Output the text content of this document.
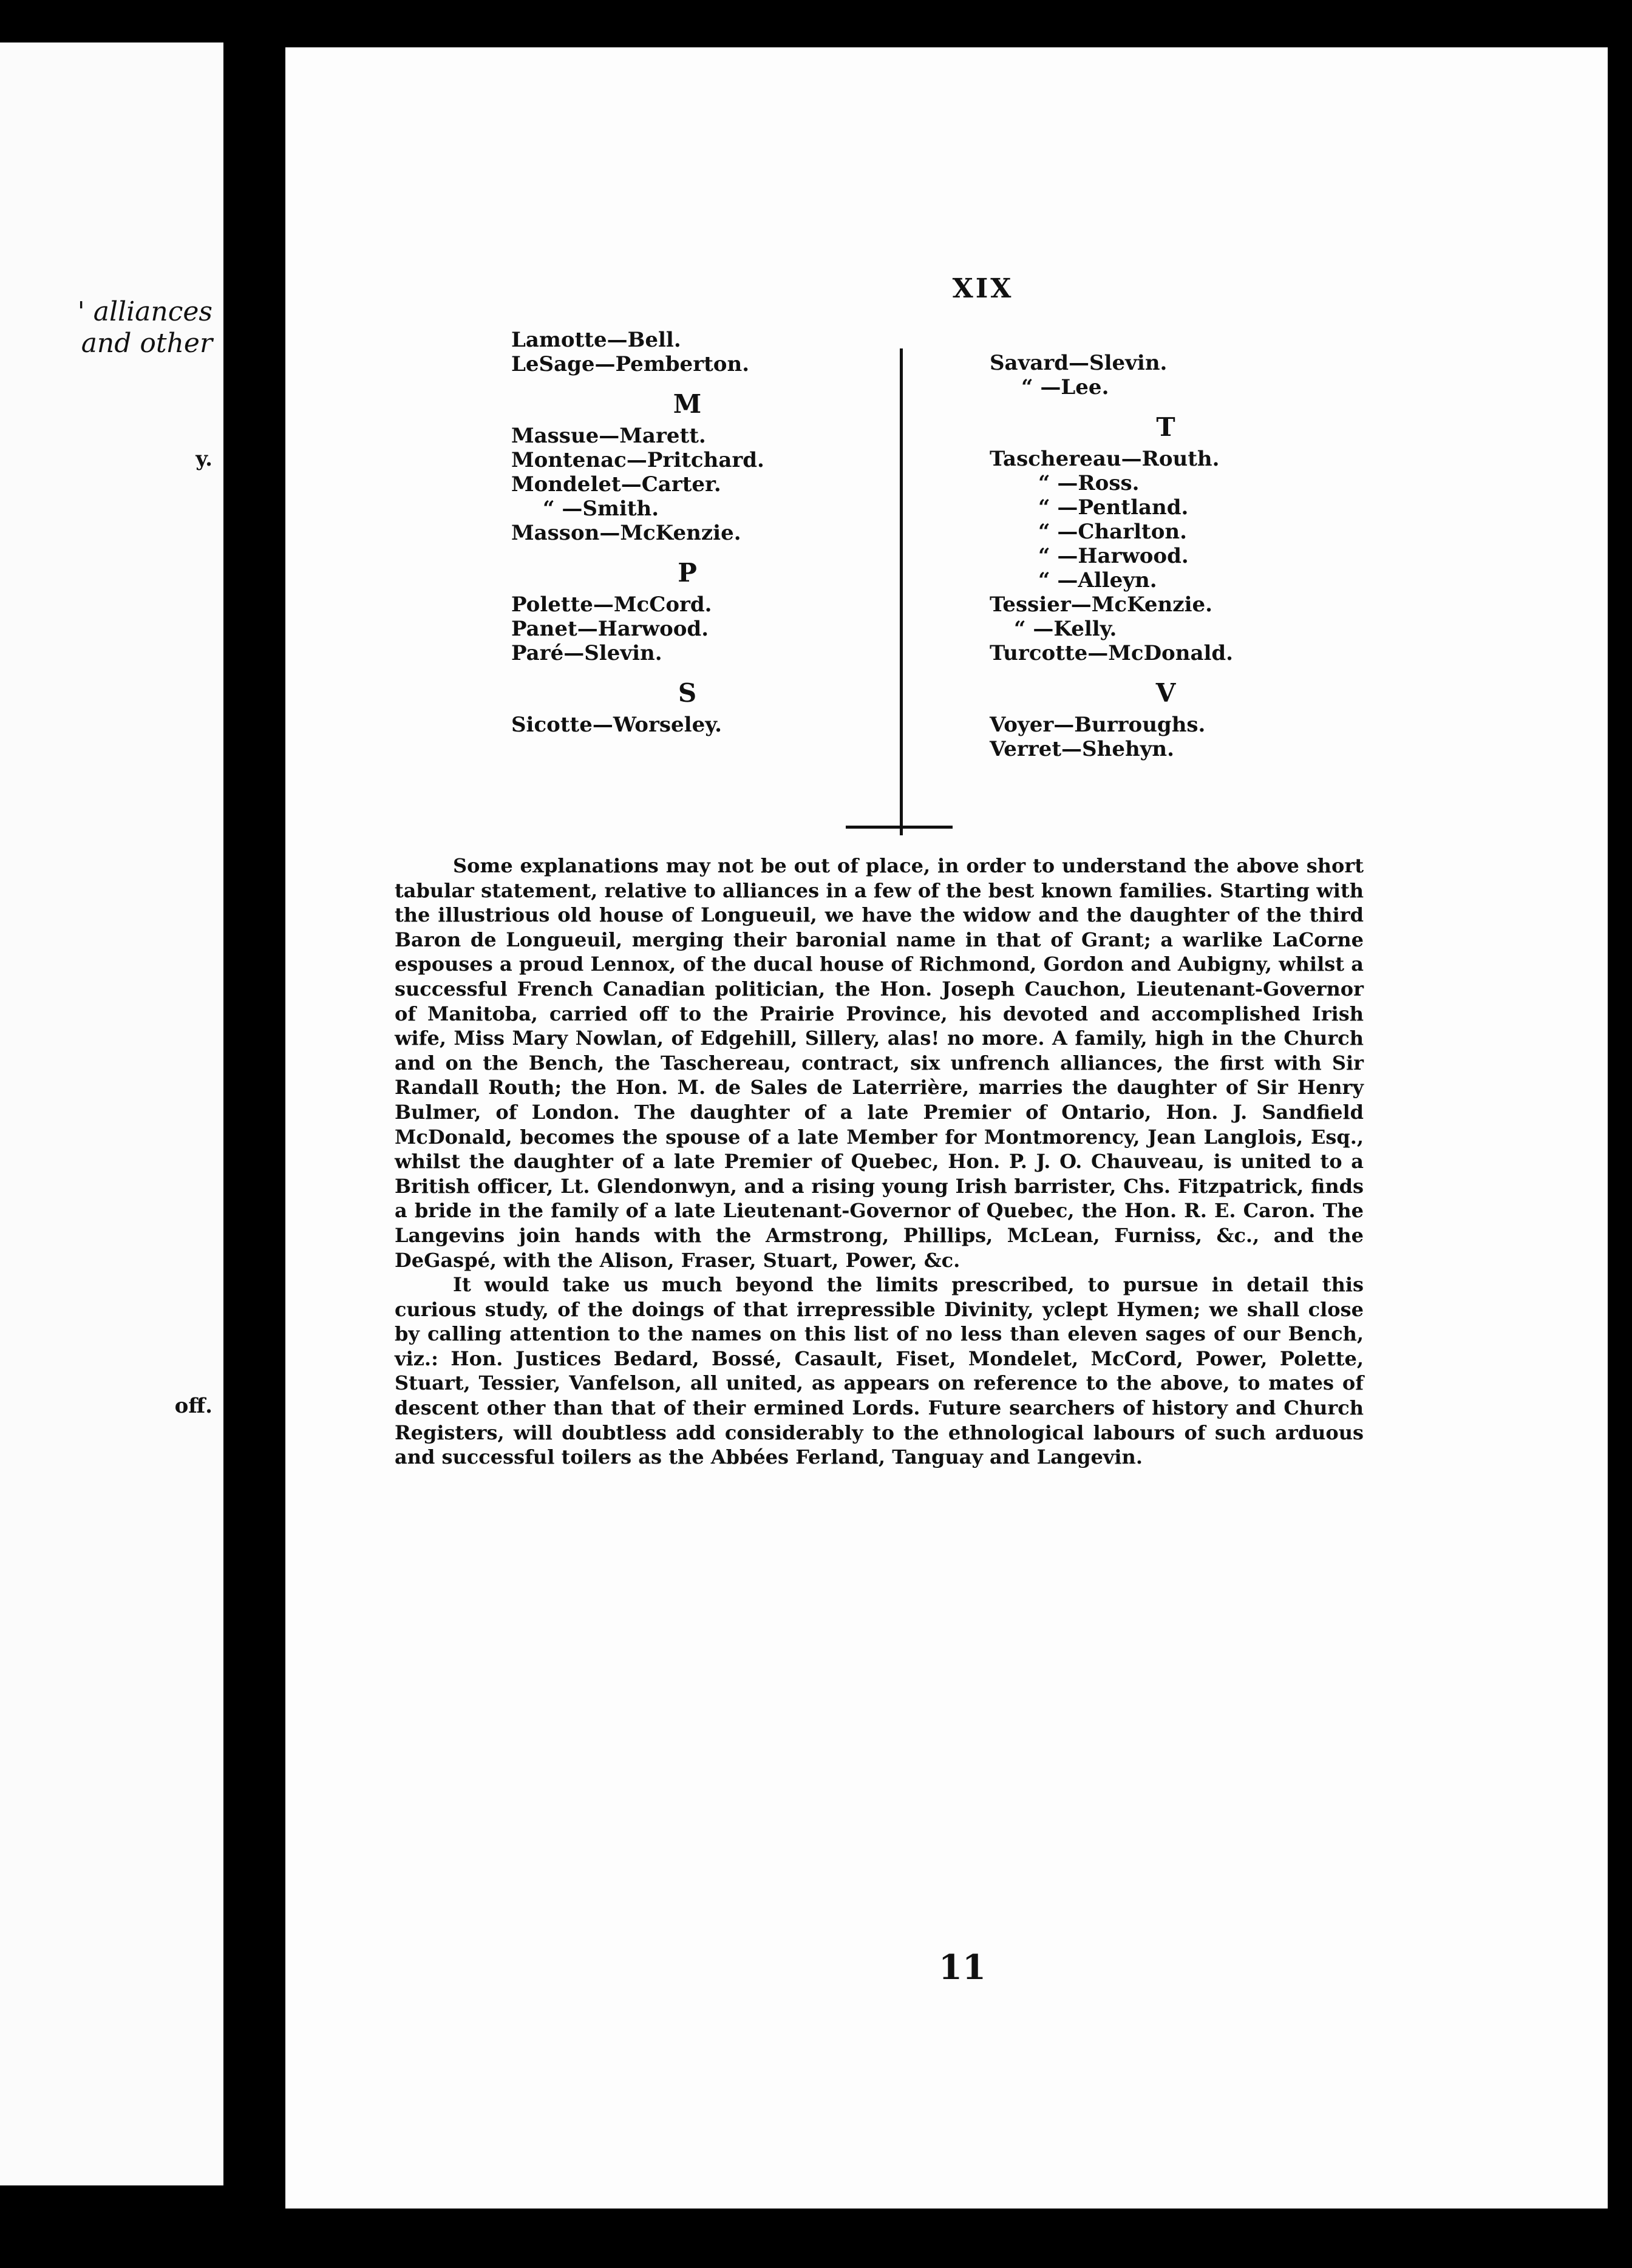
' alliances
and other
y.
off.
XIX
Lamotte—Bell.
LeSage—Pemberton.
M
Massue—Marett.
Montenac—Pritchard.
Mondelet—Carter.
“ —Smith.
Masson—McKenzie.
P
Polette—McCord.
Panet—Harwood.
Paré—Slevin.
S
Sicotte—Worseley.
Savard—Slevin.
“ —Lee.
T
Taschereau—Routh.
“ —Ross.
“ —Pentland.
“ —Charlton.
“ —Harwood.
“ —Alleyn.
Tessier—McKenzie.
“ —Kelly.
Turcotte—McDonald.
V
Voyer—Burroughs.
Verret—Shehyn.

Some explanations may not be out of place, in order to understand the above short tabular statement, relative to alliances in a few of the best known families. Starting with the illustrious old house of Longueuil, we have the widow and the daughter of the third Baron de Longueuil, merging their baronial name in that of Grant; a warlike LaCorne espouses a proud Lennox, of the ducal house of Richmond, Gordon and Aubigny, whilst a successful French Canadian politician, the Hon. Joseph Cauchon, Lieutenant-Governor of Manitoba, carried off to the Prairie Province, his devoted and accomplished Irish wife, Miss Mary Nowlan, of Edgehill, Sillery, alas! no more. A family, high in the Church and on the Bench, the Taschereau, contract, six unfrench alliances, the first with Sir Randall Routh; the Hon. M. de Sales de Laterrière, marries the daughter of Sir Henry Bulmer, of London. The daughter of a late Premier of Ontario, Hon. J. Sandfield McDonald, becomes the spouse of a late Member for Montmorency, Jean Langlois, Esq., whilst the daughter of a late Premier of Quebec, Hon. P. J. O. Chauveau, is united to a British officer, Lt. Glendonwyn, and a rising young Irish barrister, Chs. Fitzpatrick, finds a bride in the family of a late Lieutenant-Governor of Quebec, the Hon. R. E. Caron. The Langevins join hands with the Armstrong, Phillips, McLean, Furniss, &c., and the DeGaspé, with the Alison, Fraser, Stuart, Power, &c.

It would take us much beyond the limits prescribed, to pursue in detail this curious study, of the doings of that irrepressible Divinity, yclept Hymen; we shall close by calling attention to the names on this list of no less than eleven sages of our Bench, viz.: Hon. Justices Bedard, Bossé, Casault, Fiset, Mondelet, McCord, Power, Polette, Stuart, Tessier, Vanfelson, all united, as appears on reference to the above, to mates of descent other than that of their ermined Lords. Future searchers of history and Church Registers, will doubtless add considerably to the ethnological labours of such arduous and successful toilers as the Abbées Ferland, Tanguay and Langevin.

11
